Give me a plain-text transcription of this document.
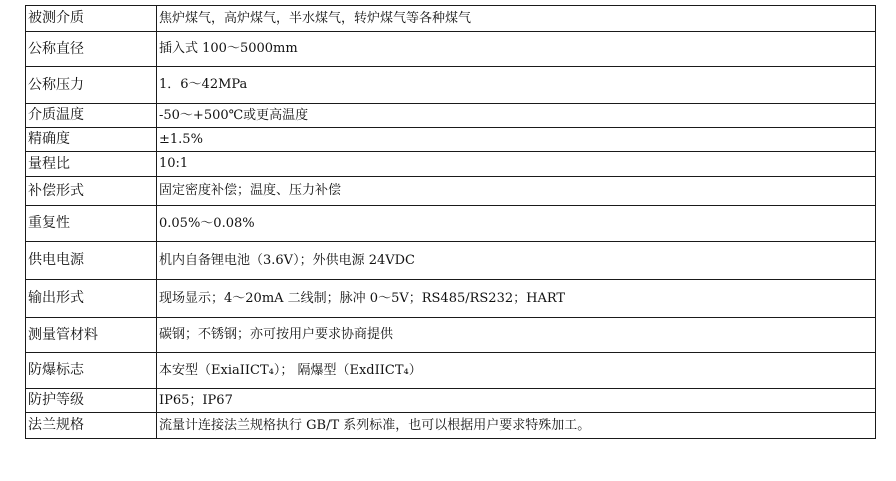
被测介质	焦炉煤气，高炉煤气，半水煤气，转炉煤气等各种煤气
公称直径	插入式 100～5000mm
公称压力	1．6～42MPa
介质温度	-50～+500℃或更高温度
精确度	±1.5%
量程比	10:1
补偿形式	固定密度补偿；温度、压力补偿
重复性	0.05%～0.08%
供电电源	机内自备锂电池（3.6V）；外供电源 24VDC
输出形式	现场显示；4～20mA 二线制；脉冲 0～5V；RS485/RS232；HART
测量管材料	碳钢；不锈钢；亦可按用户要求协商提供
防爆标志	本安型（ExiaIICT₄）； 隔爆型（ExdIICT₄）
防护等级	IP65；IP67
法兰规格	流量计连接法兰规格执行 GB/T 系列标准，也可以根据用户要求特殊加工。
